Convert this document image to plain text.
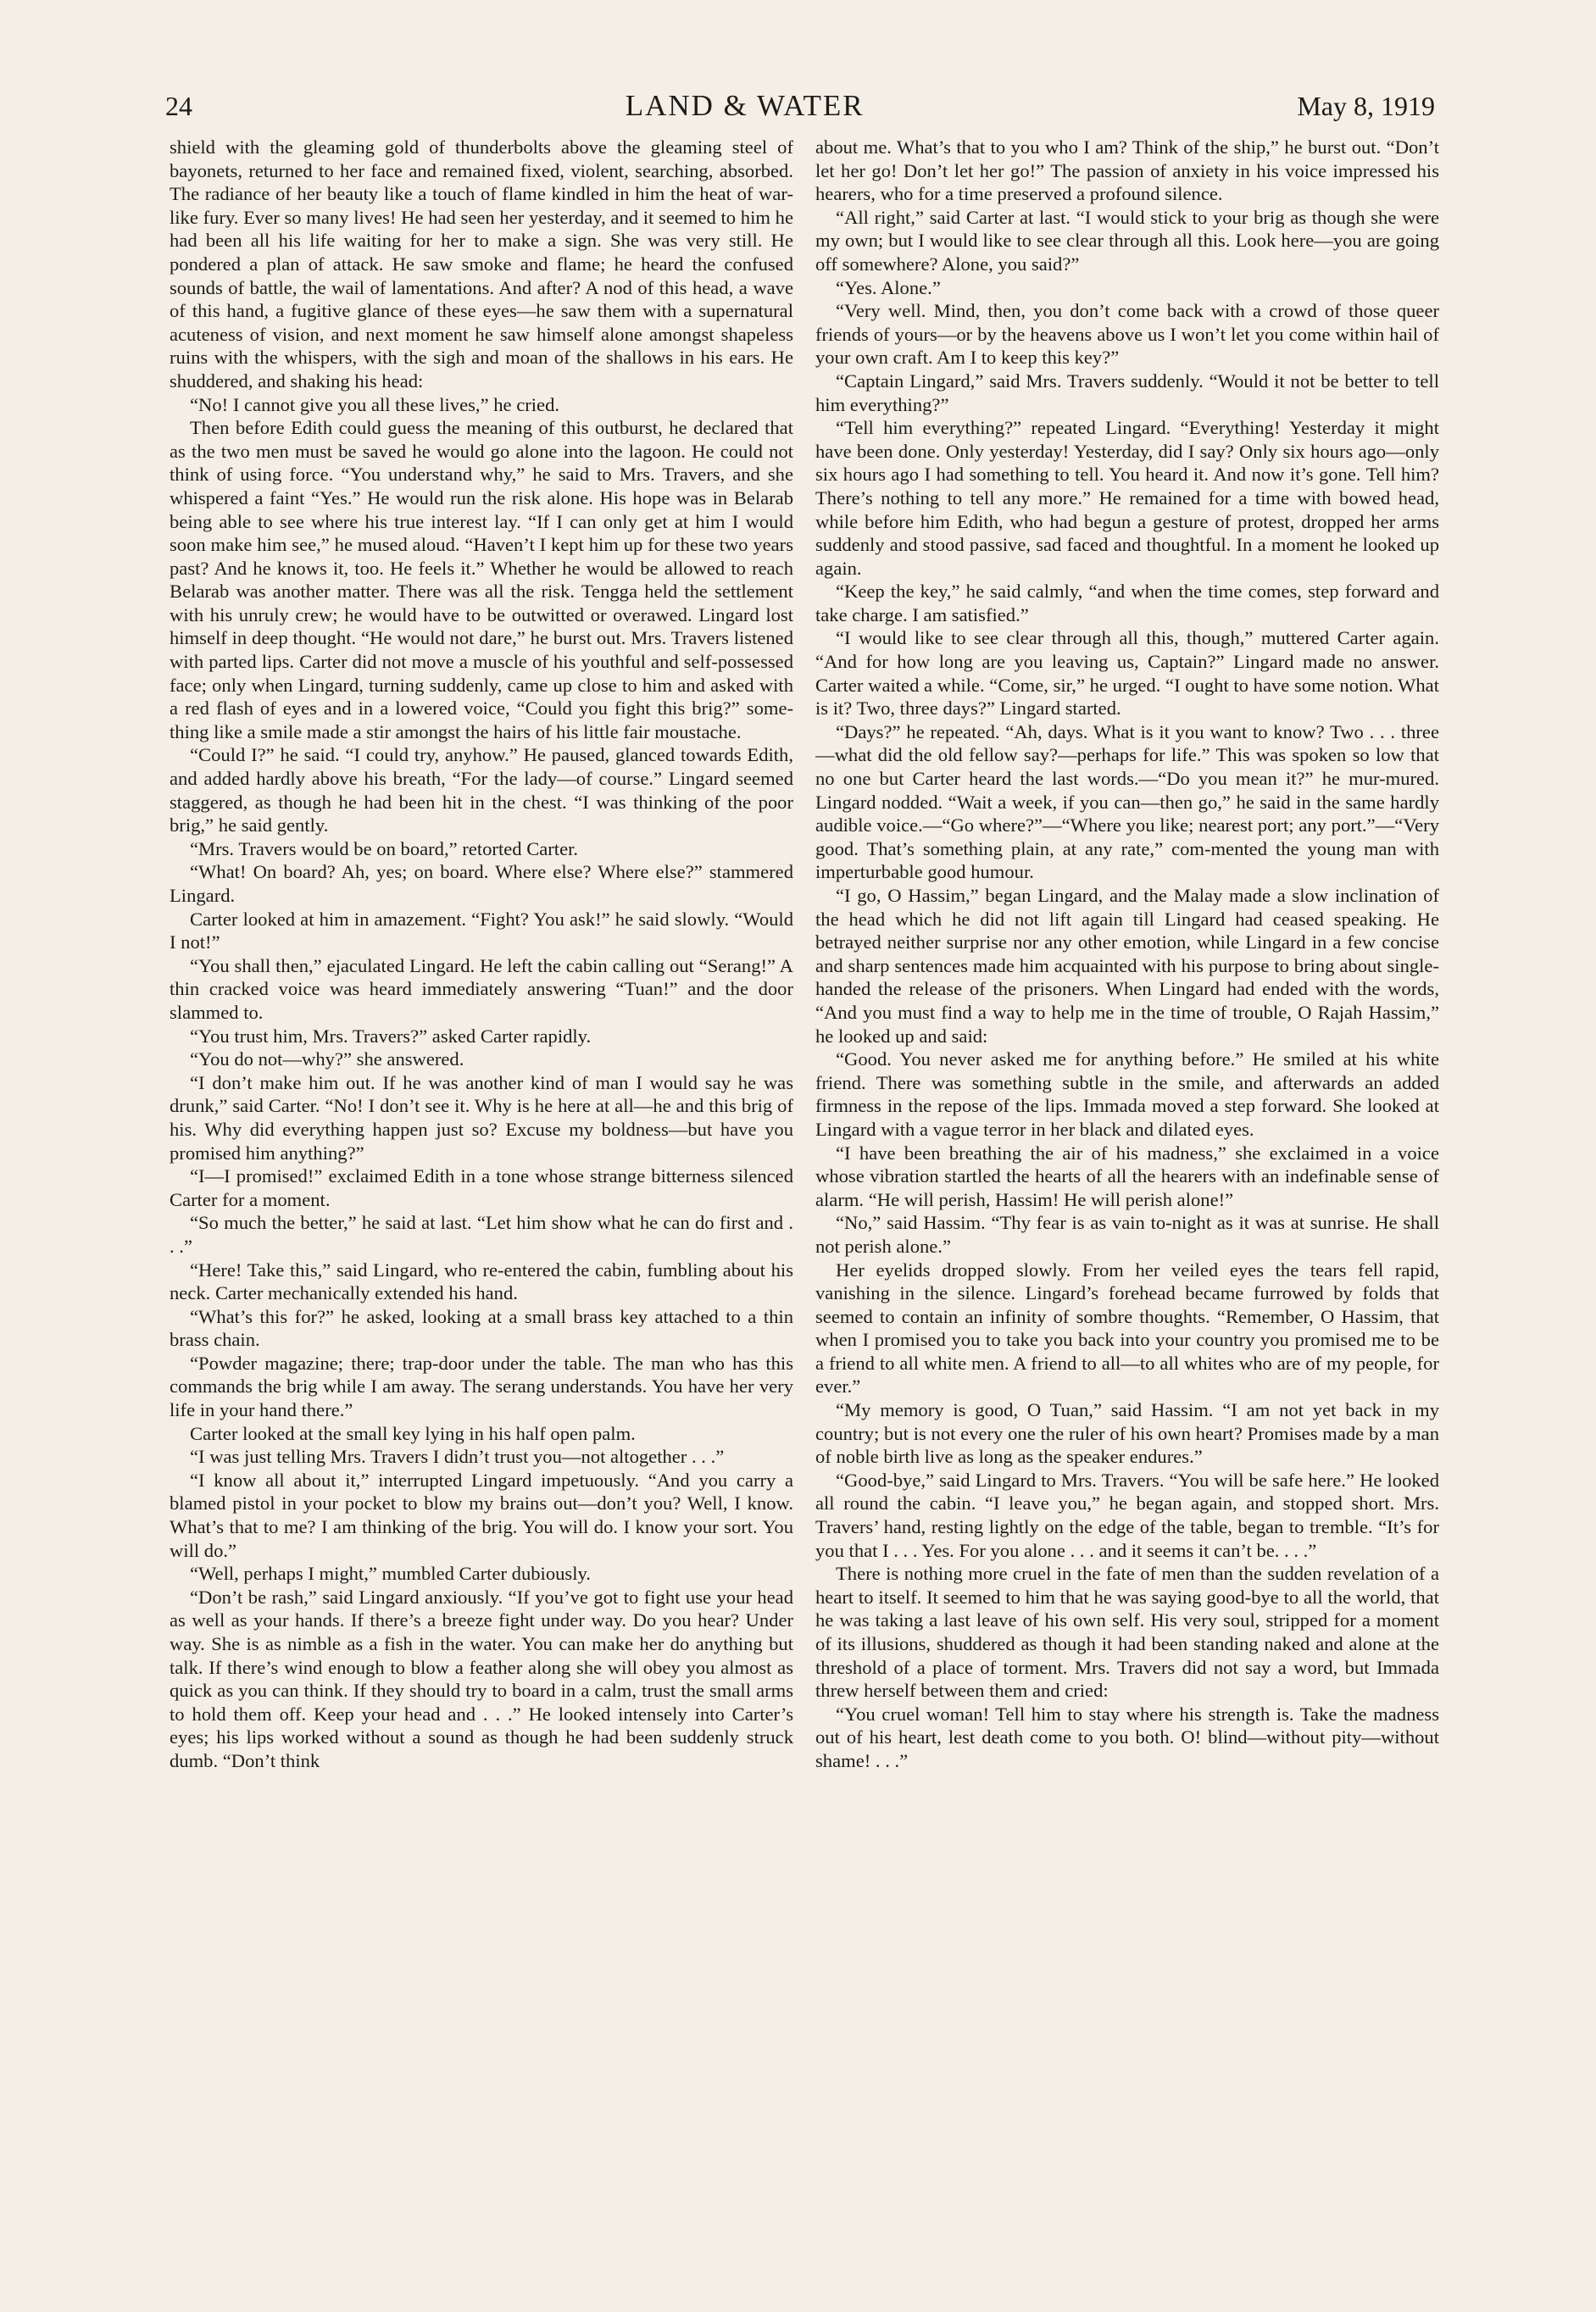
24	LAND & WATER	May 8, 1919

shield with the gleaming gold of thunderbolts above the gleaming steel of bayonets, returned to her face and remained fixed, violent, searching, absorbed. The radiance of her beauty like a touch of flame kindled in him the heat of war-like fury. Ever so many lives! He had seen her yesterday, and it seemed to him he had been all his life waiting for her to make a sign. She was very still. He pondered a plan of attack. He saw smoke and flame; he heard the confused sounds of battle, the wail of lamentations. And after? A nod of this head, a wave of this hand, a fugitive glance of these eyes—he saw them with a supernatural acuteness of vision, and next moment he saw himself alone amongst shapeless ruins with the whispers, with the sigh and moan of the shallows in his ears. He shuddered, and shaking his head:

“No! I cannot give you all these lives,” he cried.

Then before Edith could guess the meaning of this outburst, he declared that as the two men must be saved he would go alone into the lagoon. He could not think of using force. “You understand why,” he said to Mrs. Travers, and she whispered a faint “Yes.” He would run the risk alone. His hope was in Belarab being able to see where his true interest lay. “If I can only get at him I would soon make him see,” he mused aloud. “Haven’t I kept him up for these two years past? And he knows it, too. He feels it.” Whether he would be allowed to reach Belarab was another matter. There was all the risk. Tengga held the settlement with his unruly crew; he would have to be outwitted or overawed. Lingard lost himself in deep thought. “He would not dare,” he burst out. Mrs. Travers listened with parted lips. Carter did not move a muscle of his youthful and self-possessed face; only when Lingard, turning suddenly, came up close to him and asked with a red flash of eyes and in a lowered voice, “Could you fight this brig?” some-thing like a smile made a stir amongst the hairs of his little fair moustache.

“Could I?” he said. “I could try, anyhow.” He paused, glanced towards Edith, and added hardly above his breath, “For the lady—of course.” Lingard seemed staggered, as though he had been hit in the chest. “I was thinking of the poor brig,” he said gently.

“Mrs. Travers would be on board,” retorted Carter.

“What! On board? Ah, yes; on board. Where else? Where else?” stammered Lingard.

Carter looked at him in amazement. “Fight? You ask!” he said slowly. “Would I not!”

“You shall then,” ejaculated Lingard. He left the cabin calling out “Serang!” A thin cracked voice was heard immediately answering “Tuan!” and the door slammed to.

“You trust him, Mrs. Travers?” asked Carter rapidly.

“You do not—why?” she answered.

“I don’t make him out. If he was another kind of man I would say he was drunk,” said Carter. “No! I don’t see it. Why is he here at all—he and this brig of his. Why did everything happen just so? Excuse my boldness—but have you promised him anything?”

“I—I promised!” exclaimed Edith in a tone whose strange bitterness silenced Carter for a moment.

“So much the better,” he said at last. “Let him show what he can do first and . . .”

“Here! Take this,” said Lingard, who re-entered the cabin, fumbling about his neck. Carter mechanically extended his hand.

“What’s this for?” he asked, looking at a small brass key attached to a thin brass chain.

“Powder magazine; there; trap-door under the table. The man who has this commands the brig while I am away. The serang understands. You have her very life in your hand there.”

Carter looked at the small key lying in his half open palm.

“I was just telling Mrs. Travers I didn’t trust you—not altogether . . .”

“I know all about it,” interrupted Lingard impetuously. “And you carry a blamed pistol in your pocket to blow my brains out—don’t you? Well, I know. What’s that to me? I am thinking of the brig. You will do. I know your sort. You will do.”

“Well, perhaps I might,” mumbled Carter dubiously.

“Don’t be rash,” said Lingard anxiously. “If you’ve got to fight use your head as well as your hands. If there’s a breeze fight under way. Do you hear? Under way. She is as nimble as a fish in the water. You can make her do anything but talk. If there’s wind enough to blow a feather along she will obey you almost as quick as you can think. If they should try to board in a calm, trust the small arms to hold them off. Keep your head and . . .” He looked intensely into Carter’s eyes; his lips worked without a sound as though he had been suddenly struck dumb. “Don’t think

about me. What’s that to you who I am? Think of the ship,” he burst out. “Don’t let her go! Don’t let her go!” The passion of anxiety in his voice impressed his hearers, who for a time preserved a profound silence.

“All right,” said Carter at last. “I would stick to your brig as though she were my own; but I would like to see clear through all this. Look here—you are going off somewhere? Alone, you said?”

“Yes. Alone.”

“Very well. Mind, then, you don’t come back with a crowd of those queer friends of yours—or by the heavens above us I won’t let you come within hail of your own craft. Am I to keep this key?”

“Captain Lingard,” said Mrs. Travers suddenly. “Would it not be better to tell him everything?”

“Tell him everything?” repeated Lingard. “Everything! Yesterday it might have been done. Only yesterday! Yesterday, did I say? Only six hours ago—only six hours ago I had something to tell. You heard it. And now it’s gone. Tell him? There’s nothing to tell any more.” He remained for a time with bowed head, while before him Edith, who had begun a gesture of protest, dropped her arms suddenly and stood passive, sad faced and thoughtful. In a moment he looked up again.

“Keep the key,” he said calmly, “and when the time comes, step forward and take charge. I am satisfied.”

“I would like to see clear through all this, though,” muttered Carter again. “And for how long are you leaving us, Captain?” Lingard made no answer. Carter waited a while. “Come, sir,” he urged. “I ought to have some notion. What is it? Two, three days?” Lingard started.

“Days?” he repeated. “Ah, days. What is it you want to know? Two . . . three—what did the old fellow say?—perhaps for life.” This was spoken so low that no one but Carter heard the last words.—“Do you mean it?” he mur-mured. Lingard nodded. “Wait a week, if you can—then go,” he said in the same hardly audible voice.—“Go where?”—“Where you like; nearest port; any port.”—“Very good. That’s something plain, at any rate,” com-mented the young man with imperturbable good humour.

“I go, O Hassim,” began Lingard, and the Malay made a slow inclination of the head which he did not lift again till Lingard had ceased speaking. He betrayed neither surprise nor any other emotion, while Lingard in a few concise and sharp sentences made him acquainted with his purpose to bring about single-handed the release of the prisoners. When Lingard had ended with the words, “And you must find a way to help me in the time of trouble, O Rajah Hassim,” he looked up and said:

“Good. You never asked me for anything before.” He smiled at his white friend. There was something subtle in the smile, and afterwards an added firmness in the repose of the lips. Immada moved a step forward. She looked at Lingard with a vague terror in her black and dilated eyes.

“I have been breathing the air of his madness,” she exclaimed in a voice whose vibration startled the hearts of all the hearers with an indefinable sense of alarm. “He will perish, Hassim! He will perish alone!”

“No,” said Hassim. “Thy fear is as vain to-night as it was at sunrise. He shall not perish alone.”

Her eyelids dropped slowly. From her veiled eyes the tears fell rapid, vanishing in the silence. Lingard’s forehead became furrowed by folds that seemed to contain an infinity of sombre thoughts. “Remember, O Hassim, that when I promised you to take you back into your country you promised me to be a friend to all white men. A friend to all—to all whites who are of my people, for ever.”

“My memory is good, O Tuan,” said Hassim. “I am not yet back in my country; but is not every one the ruler of his own heart? Promises made by a man of noble birth live as long as the speaker endures.”

“Good-bye,” said Lingard to Mrs. Travers. “You will be safe here.” He looked all round the cabin. “I leave you,” he began again, and stopped short. Mrs. Travers’ hand, resting lightly on the edge of the table, began to tremble. “It’s for you that I . . . Yes. For you alone . . . and it seems it can’t be. . . .”

There is nothing more cruel in the fate of men than the sudden revelation of a heart to itself. It seemed to him that he was saying good-bye to all the world, that he was taking a last leave of his own self. His very soul, stripped for a moment of its illusions, shuddered as though it had been standing naked and alone at the threshold of a place of torment. Mrs. Travers did not say a word, but Immada threw herself between them and cried:

“You cruel woman! Tell him to stay where his strength is. Take the madness out of his heart, lest death come to you both. O! blind—without pity—without shame! . . .”
